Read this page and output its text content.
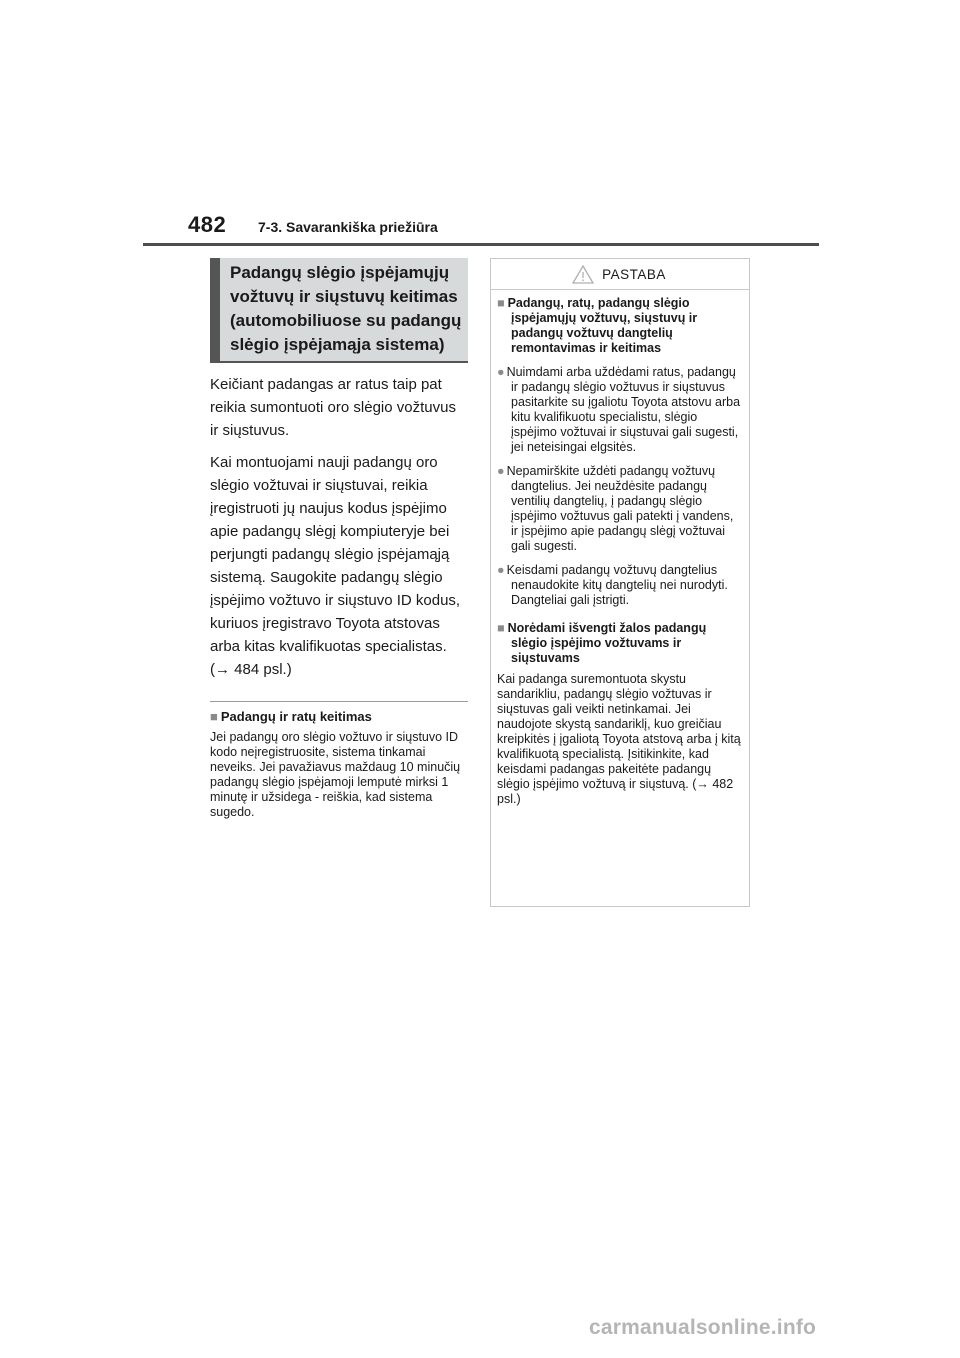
482 7-3. Savarankiška priežiūra
Padangų slėgio įspėjamųjų
vožtuvų ir siųstuvų keitimas
(automobiliuose su padangų
slėgio įspėjamąja sistema)

Keičiant padangas ar ratus taip pat reikia sumontuoti oro slėgio vožtuvus ir siųstuvus.

Kai montuojami nauji padangų oro slėgio vožtuvai ir siųstuvai, reikia įregistruoti jų naujus kodus įspėjimo apie padangų slėgį kompiuteryje bei perjungti padangų slėgio įspėjamąją sistemą. Saugokite padangų slėgio įspėjimo vožtuvo ir siųstuvo ID kodus, kuriuos įregistravo Toyota atstovas arba kitas kvalifikuotas specialistas. (→ 484 psl.)

■ Padangų ir ratų keitimas

Jei padangų oro slėgio vožtuvo ir siųstuvo ID kodo neįregistruosite, sistema tinkamai neveiks. Jei pavažiavus maždaug 10 minučių padangų slėgio įspėjamoji lemputė mirksi 1 minutę ir užsidega - reiškia, kad sistema sugedo.

PASTABA
■ Padangų, ratų, padangų slėgio įspėjamųjų vožtuvų, siųstuvų ir padangų vožtuvų dangtelių remontavimas ir keitimas
● Nuimdami arba uždėdami ratus, padangų ir padangų slėgio vožtuvus ir siųstuvus pasitarkite su įgaliotu Toyota atstovu arba kitu kvalifikuotu specialistu, slėgio įspėjimo vožtuvai ir siųstuvai gali sugesti, jei neteisingai elgsitės.
● Nepamirškite uždėti padangų vožtuvų dangtelius. Jei neuždėsite padangų ventilių dangtelių, į padangų slėgio įspėjimo vožtuvus gali patekti į vandens, ir įspėjimo apie padangų slėgį vožtuvai gali sugesti.
● Keisdami padangų vožtuvų dangtelius nenaudokite kitų dangtelių nei nurodyti. Dangteliai gali įstrigti.
■ Norėdami išvengti žalos padangų slėgio įspėjimo vožtuvams ir siųstuvams
Kai padanga suremontuota skystu sandarikliu, padangų slėgio vožtuvas ir siųstuvas gali veikti netinkamai. Jei naudojote skystą sandariklį, kuo greičiau kreipkitės į įgaliotą Toyota atstovą arba į kitą kvalifikuotą specialistą. Įsitikinkite, kad keisdami padangas pakeitėte padangų slėgio įspėjimo vožtuvą ir siųstuvą. (→ 482 psl.)
carmanualsonline.info
